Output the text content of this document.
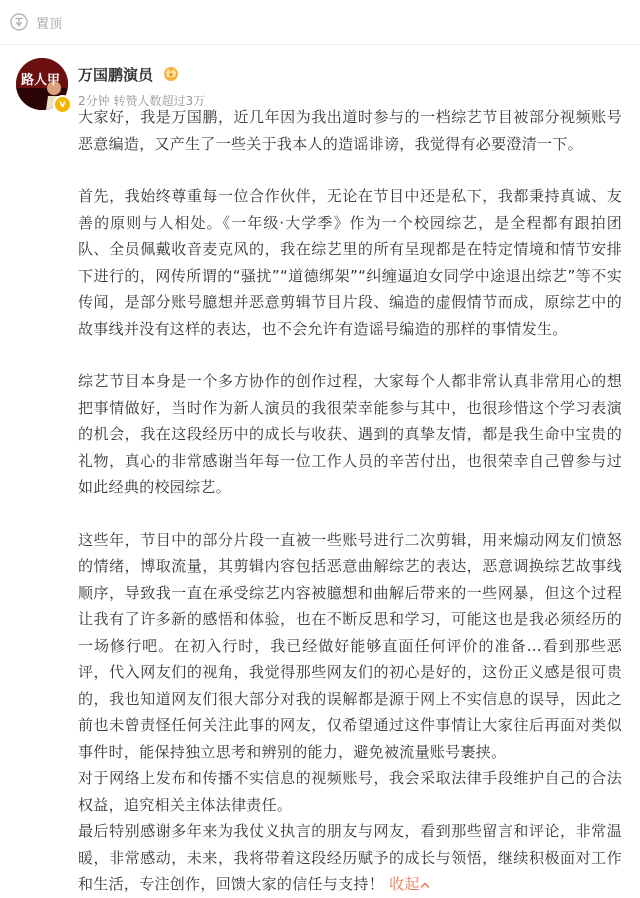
置顶
路人甲
v
万国鹏演员
2分钟 转赞人数超过3万

大家好，我是万国鹏，近几年因为我出道时参与的一档综艺节目被部分视频账号恶意编造，又产生了一些关于我本人的造谣诽谤，我觉得有必要澄清一下。

首先，我始终尊重每一位合作伙伴，无论在节目中还是私下，我都秉持真诚、友善的原则与人相处。《一年级·大学季》作为一个校园综艺，是全程都有跟拍团队、全员佩戴收音麦克风的，我在综艺里的所有呈现都是在特定情境和情节安排下进行的，网传所谓的“骚扰”“道德绑架”“纠缠逼迫女同学中途退出综艺”等不实传闻，是部分账号臆想并恶意剪辑节目片段、编造的虚假情节而成，原综艺中的故事线并没有这样的表达，也不会允许有造谣号编造的那样的事情发生。

综艺节目本身是一个多方协作的创作过程，大家每个人都非常认真非常用心的想把事情做好，当时作为新人演员的我很荣幸能参与其中，也很珍惜这个学习表演的机会，我在这段经历中的成长与收获、遇到的真挚友情，都是我生命中宝贵的礼物，真心的非常感谢当年每一位工作人员的辛苦付出，也很荣幸自己曾参与过如此经典的校园综艺。

这些年，节目中的部分片段一直被一些账号进行二次剪辑，用来煽动网友们愤怒的情绪，博取流量，其剪辑内容包括恶意曲解综艺的表达，恶意调换综艺故事线顺序，导致我一直在承受综艺内容被臆想和曲解后带来的一些网暴，但这个过程让我有了许多新的感悟和体验，也在不断反思和学习，可能这也是我必须经历的一场修行吧。在初入行时，我已经做好能够直面任何评价的准备…看到那些恶评，代入网友们的视角，我觉得那些网友们的初心是好的，这份正义感是很可贵的，我也知道网友们很大部分对我的误解都是源于网上不实信息的误导，因此之前也未曾责怪任何关注此事的网友，仅希望通过这件事情让大家往后再面对类似事件时，能保持独立思考和辨别的能力，避免被流量账号裹挟。

对于网络上发布和传播不实信息的视频账号，我会采取法律手段维护自己的合法权益，追究相关主体法律责任。

最后特别感谢多年来为我仗义执言的朋友与网友，看到那些留言和评论，非常温暖，非常感动，未来，我将带着这段经历赋予的成长与领悟，继续积极面对工作和生活，专注创作，回馈大家的信任与支持！ 收起
